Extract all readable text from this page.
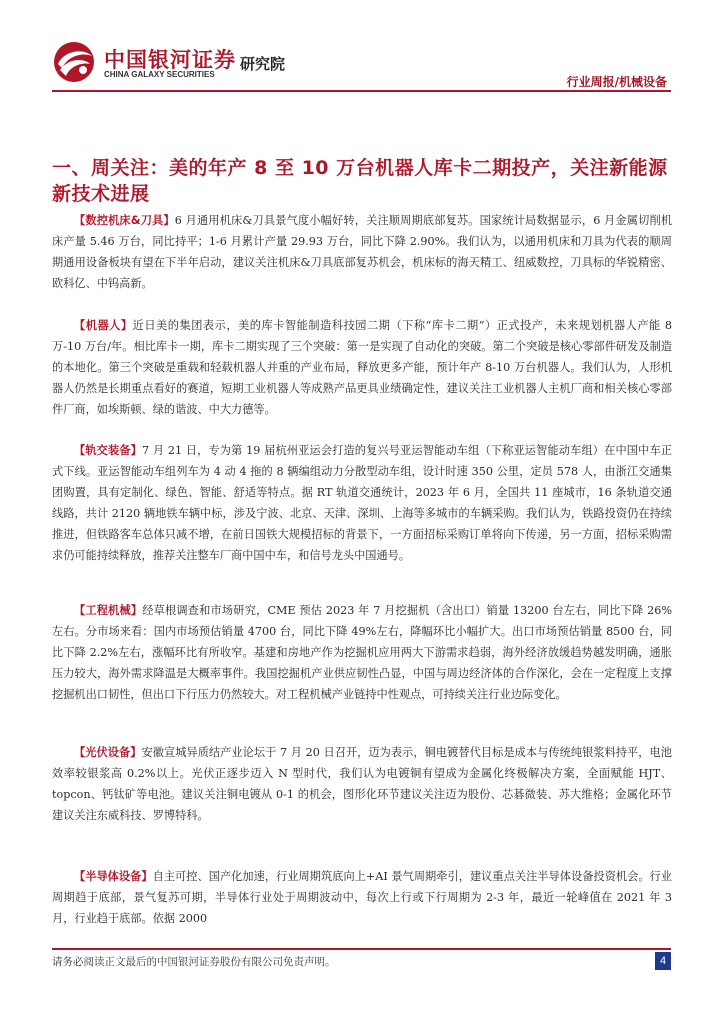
中国银河证券
CHINA GALAXY SECURITIES
研究院
行业周报/机械设备
一、周关注：美的年产 8 至 10 万台机器人库卡二期投产，关注新能源新技术进展

【数控机床&刀具】6 月通用机床&刀具景气度小幅好转，关注顺周期底部复苏。国家统计局数据显示，6 月金属切削机床产量 5.46 万台，同比持平；1-6 月累计产量 29.93 万台，同比下降 2.90%。我们认为，以通用机床和刀具为代表的顺周期通用设备板块有望在下半年启动，建议关注机床&刀具底部复苏机会，机床标的海天精工、纽威数控，刀具标的华锐精密、欧科亿、中钨高新。

【机器人】近日美的集团表示，美的库卡智能制造科技园二期（下称“库卡二期”）正式投产，未来规划机器人产能 8 万-10 万台/年。相比库卡一期，库卡二期实现了三个突破：第一是实现了自动化的突破。第二个突破是核心零部件研发及制造的本地化。第三个突破是重载和轻载机器人并重的产业布局，释放更多产能，预计年产 8-10 万台机器人。我们认为，人形机器人仍然是长期重点看好的赛道，短期工业机器人等成熟产品更具业绩确定性，建议关注工业机器人主机厂商和相关核心零部件厂商，如埃斯顿、绿的谐波、中大力德等。

【轨交装备】7 月 21 日，专为第 19 届杭州亚运会打造的复兴号亚运智能动车组（下称亚运智能动车组）在中国中车正式下线。亚运智能动车组列车为 4 动 4 拖的 8 辆编组动力分散型动车组，设计时速 350 公里，定员 578 人，由浙江交通集团购置，具有定制化、绿色、智能、舒适等特点。据 RT 轨道交通统计，2023 年 6 月，全国共 11 座城市，16 条轨道交通线路，共计 2120 辆地铁车辆中标，涉及宁波、北京、天津、深圳、上海等多城市的车辆采购。我们认为，铁路投资仍在持续推进，但铁路客车总体只减不增，在前日国铁大规模招标的背景下，一方面招标采购订单将向下传递，另一方面，招标采购需求仍可能持续释放，推荐关注整车厂商中国中车，和信号龙头中国通号。

【工程机械】经草根调查和市场研究，CME 预估 2023 年 7 月挖掘机（含出口）销量 13200 台左右，同比下降 26%左右。分市场来看：国内市场预估销量 4700 台，同比下降 49%左右，降幅环比小幅扩大。出口市场预估销量 8500 台，同比下降 2.2%左右，涨幅环比有所收窄。基建和房地产作为挖掘机应用两大下游需求趋弱，海外经济放缓趋势越发明确，通胀压力较大，海外需求降温是大概率事件。我国挖掘机产业供应韧性凸显，中国与周边经济体的合作深化，会在一定程度上支撑挖掘机出口韧性，但出口下行压力仍然较大。对工程机械产业链持中性观点，可持续关注行业边际变化。

【光伏设备】安徽宣城异质结产业论坛于 7 月 20 日召开，迈为表示，铜电镀替代目标是成本与传统纯银浆料持平，电池效率较银浆高 0.2%以上。光伏正逐步迈入 N 型时代，我们认为电镀铜有望成为金属化终极解决方案，全面赋能 HJT、topcon、钙钛矿等电池。建议关注铜电镀从 0-1 的机会，图形化环节建议关注迈为股份、芯碁微装、苏大维格；金属化环节建议关注东威科技、罗博特科。

【半导体设备】自主可控、国产化加速，行业周期筑底向上+AI 景气周期牵引，建议重点关注半导体设备投资机会。行业周期趋于底部，景气复苏可期，半导体行业处于周期波动中，每次上行或下行周期为 2-3 年，最近一轮峰值在 2021 年 3 月，行业趋于底部。依据 2000

请务必阅读正文最后的中国银河证券股份有限公司免责声明。	4
